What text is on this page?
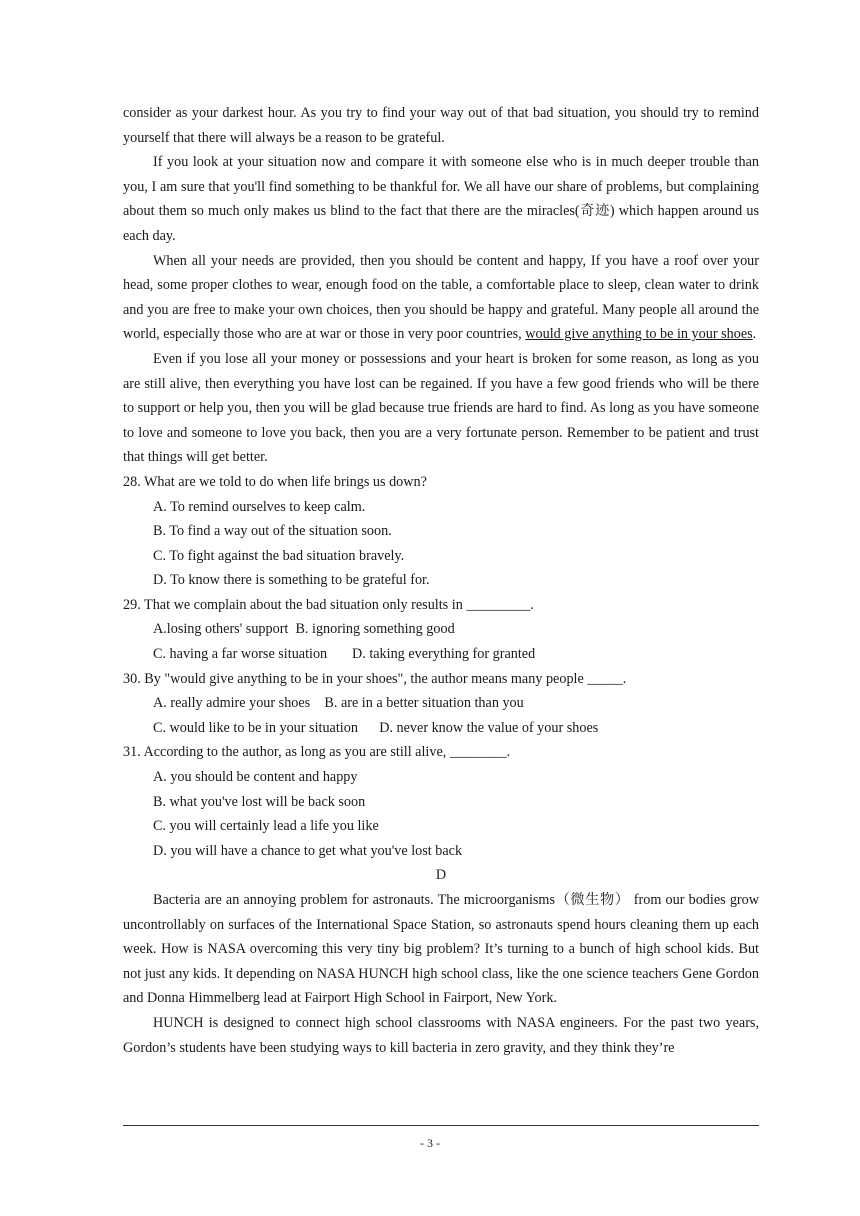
consider as your darkest hour. As you try to find your way out of that bad situation, you should try to remind yourself that there will always be a reason to be grateful.

If you look at your situation now and compare it with someone else who is in much deeper trouble than you, I am sure that you'll find something to be thankful for. We all have our share of problems, but complaining about them so much only makes us blind to the fact that there are the miracles(奇迹) which happen around us each day.

When all your needs are provided, then you should be content and happy, If you have a roof over your head, some proper clothes to wear, enough food on the table, a comfortable place to sleep, clean water to drink and you are free to make your own choices, then you should be happy and grateful. Many people all around the world, especially those who are at war or those in very poor countries, would give anything to be in your shoes.

Even if you lose all your money or possessions and your heart is broken for some reason, as long as you are still alive, then everything you have lost can be regained. If you have a few good friends who will be there to support or help you, then you will be glad because true friends are hard to find. As long as you have someone to love and someone to love you back, then you are a very fortunate person. Remember to be patient and trust that things will get better.

28. What are we told to do when life brings us down?

A. To remind ourselves to keep calm.

B. To find a way out of the situation soon.

C. To fight against the bad situation bravely.

D. To know there is something to be grateful for.

29. That we complain about the bad situation only results in _________.

A.losing others' support  B. ignoring something good

C. having a far worse situation       D. taking everything for granted

30. By "would give anything to be in your shoes", the author means many people _____.

A. really admire your shoes    B. are in a better situation than you

C. would like to be in your situation      D. never know the value of your shoes

31. According to the author, as long as you are still alive, ________.

A. you should be content and happy

B. what you've lost will be back soon

C. you will certainly lead a life you like

D. you will have a chance to get what you've lost back

D

Bacteria are an annoying problem for astronauts. The microorganisms（微生物） from our bodies grow uncontrollably on surfaces of the International Space Station, so astronauts spend hours cleaning them up each week. How is NASA overcoming this very tiny big problem? It’s turning to a bunch of high school kids. But not just any kids. It depending on NASA HUNCH high school class, like the one science teachers Gene Gordon and Donna Himmelberg lead at Fairport High School in Fairport, New York.

HUNCH is designed to connect high school classrooms with NASA engineers. For the past two years, Gordon’s students have been studying ways to kill bacteria in zero gravity, and they think they’re

- 3 -
